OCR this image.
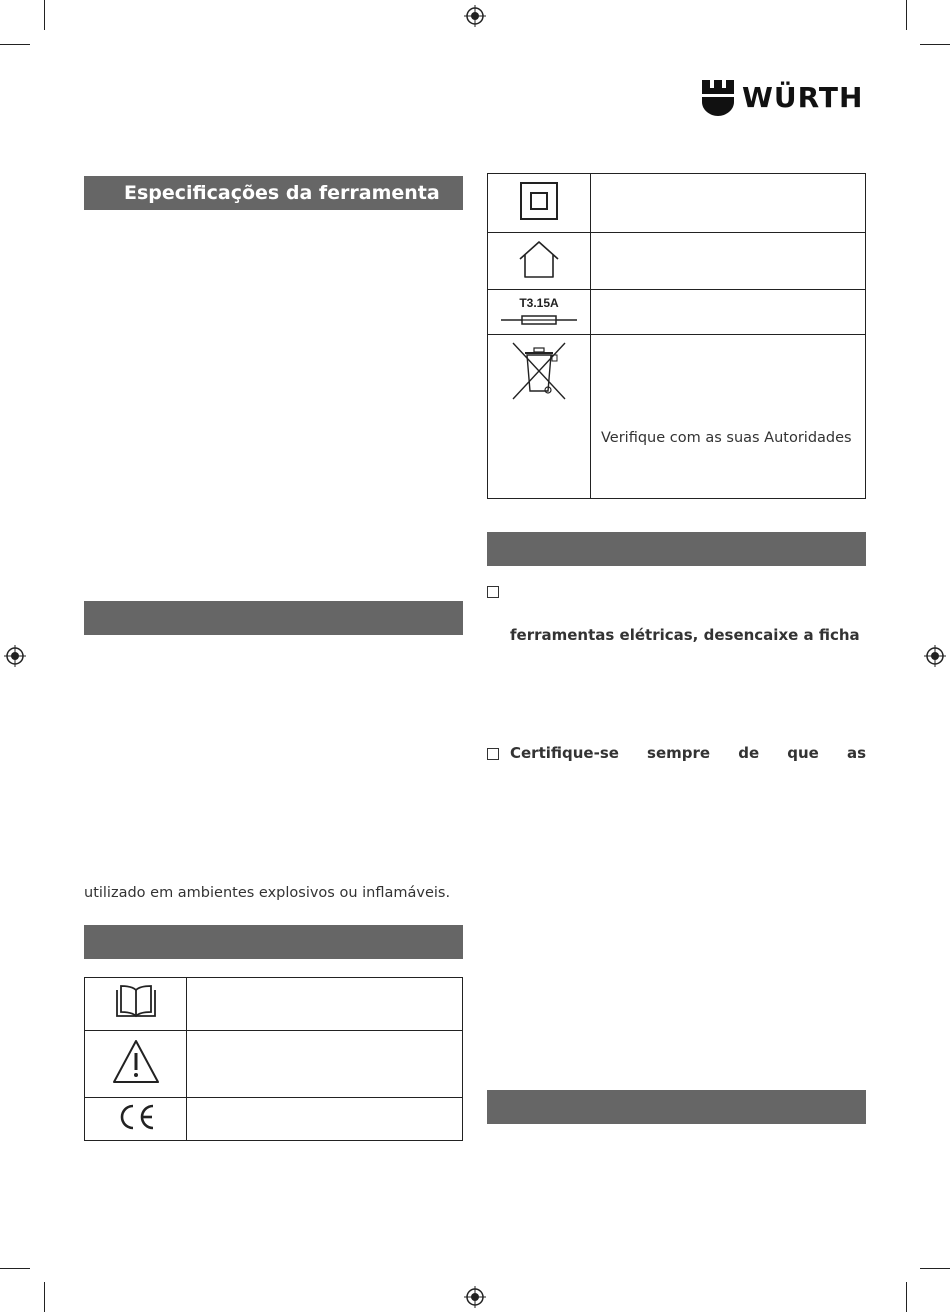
WÜRTH
Especificações da ferramenta
utilizado em ambientes explosivos ou inflamáveis.

T3.15A	

	Verifique com as suas Autoridades
ferramentas elétricas, desencaixe a ficha
Certifique-se sempre de que as
